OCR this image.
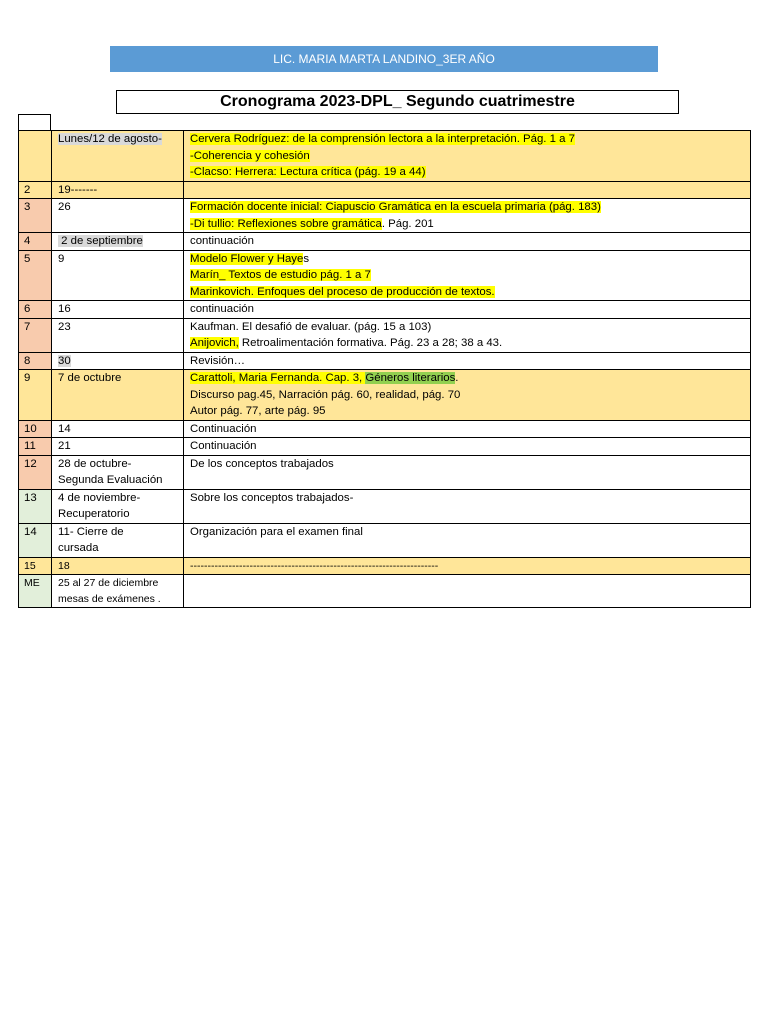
LIC. MARIA MARTA LANDINO_3ER AÑO
Cronograma 2023-DPL_ Segundo cuatrimestre
	Lunes/12 de agosto-	Cervera Rodríguez: de la comprensión lectora a la interpretación. Pág. 1 a 7
-Coherencia y cohesión
-Clacso: Herrera: Lectura crítica (pág. 19 a 44)

2	19-------	
3	26	Formación docente inicial: Ciapuscio Gramática en la escuela primaria (pág. 183)
-Di tullio: Reflexiones sobre gramática. Pág. 201

4	2 de septiembre	continuación
5	9	Modelo Flower y Hayes
Marín_ Textos de estudio pág. 1 a 7
Marinkovich. Enfoques del proceso de producción de textos.

6	16	continuación
7	23	Kaufman. El desafió de evaluar. (pág. 15 a 103)
Anijovich, Retroalimentación formativa. Pág. 23 a 28; 38 a 43.

8	30	Revisión…
9	7 de octubre	Carattoli, Maria Fernanda. Cap. 3, Géneros literarios.
Discurso pag.45, Narración pág. 60, realidad, pág. 70
Autor pág. 77, arte pág. 95

10	14	Continuación
11	21	Continuación
12	28 de octubre-
Segunda Evaluación	De los conceptos trabajados
13	4 de noviembre-
Recuperatorio	Sobre los conceptos trabajados-
14	11- Cierre de
cursada	Organización para el examen final
15	18	-----------------------------------------------------------------------
ME	25 al 27 de diciembre
mesas de exámenes .	
